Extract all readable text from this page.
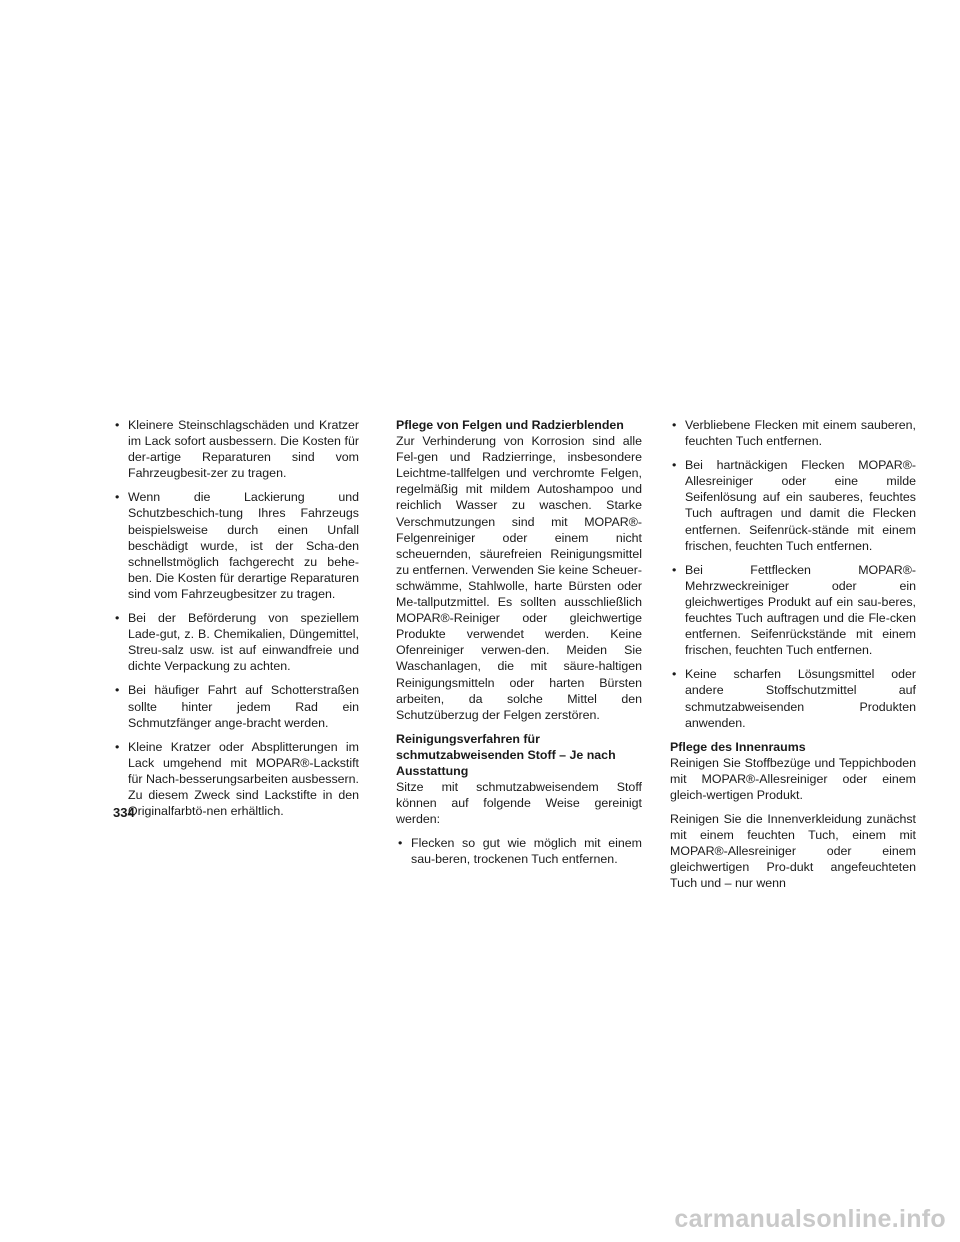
• Kleinere Steinschlagschäden und Kratzer im Lack sofort ausbessern. Die Kosten für der-artige Reparaturen sind vom Fahrzeugbesit-zer zu tragen.
• Wenn die Lackierung und Schutzbeschich-tung Ihres Fahrzeugs beispielsweise durch einen Unfall beschädigt wurde, ist der Scha-den schnellstmöglich fachgerecht zu behe-ben. Die Kosten für derartige Reparaturen sind vom Fahrzeugbesitzer zu tragen.
• Bei der Beförderung von speziellem Lade-gut, z. B. Chemikalien, Düngemittel, Streu-salz usw. ist auf einwandfreie und dichte Verpackung zu achten.
• Bei häufiger Fahrt auf Schotterstraßen sollte hinter jedem Rad ein Schmutzfänger ange-bracht werden.
• Kleine Kratzer oder Absplitterungen im Lack umgehend mit MOPAR®-Lackstift für Nach-besserungsarbeiten ausbessern. Zu diesem Zweck sind Lackstifte in den Originalfarbtö-nen erhältlich.

Pflege von Felgen und Radzierblenden

Zur Verhinderung von Korrosion sind alle Fel-gen und Radzierringe, insbesondere Leichtme-tallfelgen und verchromte Felgen, regelmäßig mit mildem Autoshampoo und reichlich Wasser zu waschen. Starke Verschmutzungen sind mit MOPAR®-Felgenreiniger oder einem nicht scheuernden, säurefreien Reinigungsmittel zu entfernen. Verwenden Sie keine Scheuer-schwämme, Stahlwolle, harte Bürsten oder Me-tallputzmittel. Es sollten ausschließlich MOPAR®-Reiniger oder gleichwertige Produkte verwendet werden. Keine Ofenreiniger verwen-den. Meiden Sie Waschanlagen, die mit säure-haltigen Reinigungsmitteln oder harten Bürsten arbeiten, da solche Mittel den Schutzüberzug der Felgen zerstören.

Reinigungsverfahren für schmutzabweisenden Stoff – Je nach Ausstattung

Sitze mit schmutzabweisendem Stoff können auf folgende Weise gereinigt werden:

• Flecken so gut wie möglich mit einem sau-beren, trockenen Tuch entfernen.
• Verbliebene Flecken mit einem sauberen, feuchten Tuch entfernen.
• Bei hartnäckigen Flecken MOPAR®-Allesreiniger oder eine milde Seifenlösung auf ein sauberes, feuchtes Tuch auftragen und damit die Flecken entfernen. Seifenrück-stände mit einem frischen, feuchten Tuch entfernen.
• Bei Fettflecken MOPAR®-Mehrzweckreiniger oder ein gleichwertiges Produkt auf ein sau-beres, feuchtes Tuch auftragen und die Fle-cken entfernen. Seifenrückstände mit einem frischen, feuchten Tuch entfernen.
• Keine scharfen Lösungsmittel oder andere Stoffschutzmittel auf schmutzabweisenden Produkten anwenden.

Pflege des Innenraums

Reinigen Sie Stoffbezüge und Teppichboden mit MOPAR®-Allesreiniger oder einem gleich-wertigen Produkt.

Reinigen Sie die Innenverkleidung zunächst mit einem feuchten Tuch, einem mit MOPAR®-Allesreiniger oder einem gleichwertigen Pro-dukt angefeuchteten Tuch und – nur wenn

334
carmanualsonline.info
